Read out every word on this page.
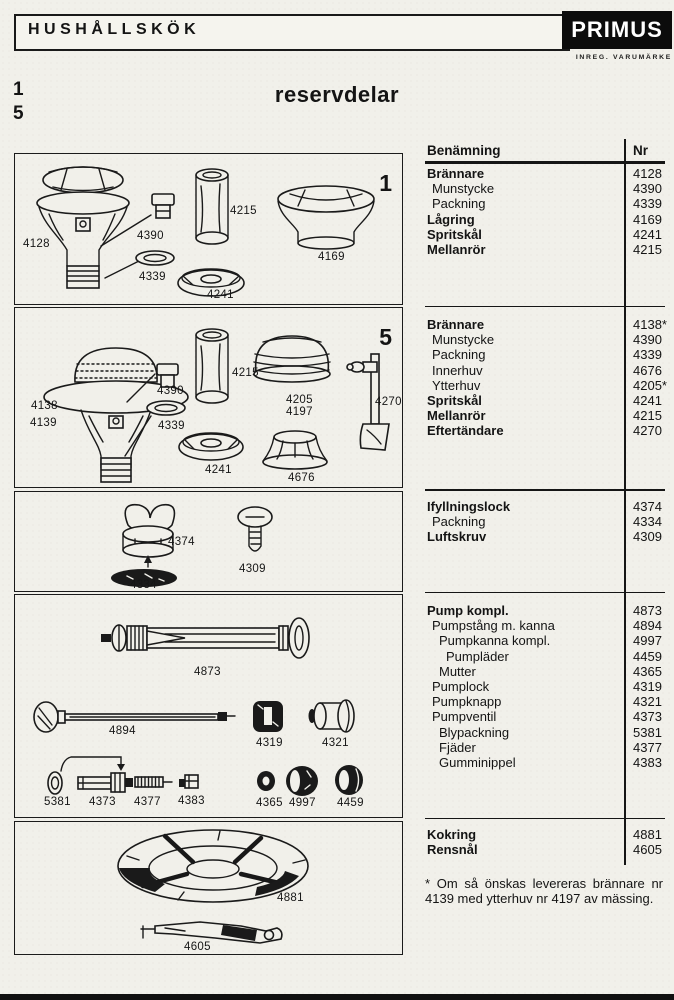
HUSHÅLLSKÖK	PRIMUS
INREG. VARUMÄRKE
1
5
reservdelar
4128
4390
4339
4215
4241
4169
1
4138
4139
4390
4339
4215
4205
4197
4241
4676
4270
5
4374
4334
4309
4873
4894
4319	4321
5381 4373 4377 4383	4365 4997 4459
4881
4605
Benämning	Nr
Brännare	4128
Munstycke	4390
Packning	4339
Lågring	4169
Spritskål	4241
Mellanrör	4215
Brännare	4138*
Munstycke	4390
Packning	4339
Innerhuv	4676
Ytterhuv	4205*
Spritskål	4241
Mellanrör	4215
Eftertändare	4270
Ifyllningslock	4374
Packning	4334
Luftskruv	4309
Pump kompl.	4873
Pumpstång m. kanna	4894
Pumpkanna kompl.	4997
Pumpläder	4459
Mutter	4365
Pumplock	4319
Pumpknapp	4321
Pumpventil	4373
Blypackning	5381
Fjäder	4377
Gumminippel	4383
Kokring	4881
Rensnål	4605
* Om så önskas levereras brännare nr 4139 med ytterhuv nr 4197 av mässing.
